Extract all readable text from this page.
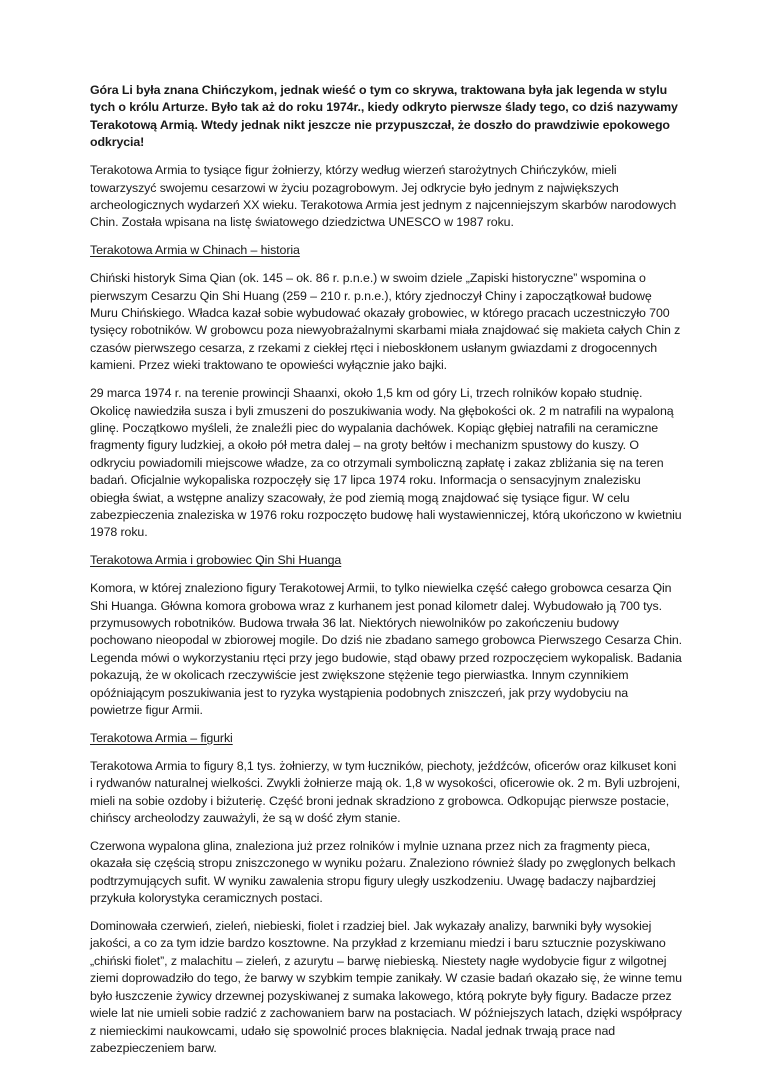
Góra Li była znana Chińczykom, jednak wieść o tym co skrywa, traktowana była jak legenda w stylu tych o królu Arturze. Było tak aż do roku 1974r., kiedy odkryto pierwsze ślady tego, co dziś nazywamy Terakotową Armią. Wtedy jednak nikt jeszcze nie przypuszczał, że doszło do prawdziwie epokowego odkrycia!

Terakotowa Armia to tysiące figur żołnierzy, którzy według wierzeń starożytnych Chińczyków, mieli towarzyszyć swojemu cesarzowi w życiu pozagrobowym. Jej odkrycie było jednym z największych archeologicznych wydarzeń XX wieku. Terakotowa Armia jest jednym z najcenniejszym skarbów narodowych Chin. Została wpisana na listę światowego dziedzictwa UNESCO w 1987 roku.

Terakotowa Armia w Chinach – historia

Chiński historyk Sima Qian (ok. 145 – ok. 86 r. p.n.e.) w swoim dziele „Zapiski historyczne” wspomina o pierwszym Cesarzu Qin Shi Huang (259 – 210 r. p.n.e.), który zjednoczył Chiny i zapoczątkował budowę Muru Chińskiego. Władca kazał sobie wybudować okazały grobowiec, w którego pracach uczestniczyło 700 tysięcy robotników. W grobowcu poza niewyobrażalnymi skarbami miała znajdować się makieta całych Chin z czasów pierwszego cesarza, z rzekami z ciekłej rtęci i nieboskłonem usłanym gwiazdami z drogocennych kamieni. Przez wieki traktowano te opowieści wyłącznie jako bajki.

29 marca 1974 r. na terenie prowincji Shaanxi, około 1,5 km od góry Li, trzech rolników kopało studnię. Okolicę nawiedziła susza i byli zmuszeni do poszukiwania wody. Na głębokości ok. 2 m natrafili na wypaloną glinę. Początkowo myśleli, że znaleźli piec do wypalania dachówek. Kopiąc głębiej natrafili na ceramiczne fragmenty figury ludzkiej, a około pół metra dalej – na groty bełtów i mechanizm spustowy do kuszy. O odkryciu powiadomili miejscowe władze, za co otrzymali symboliczną zapłatę i zakaz zbliżania się na teren badań. Oficjalnie wykopaliska rozpoczęły się 17 lipca 1974 roku. Informacja o sensacyjnym znalezisku obiegła świat, a wstępne analizy szacowały, że pod ziemią mogą znajdować się tysiące figur. W celu zabezpieczenia znaleziska w 1976 roku rozpoczęto budowę hali wystawienniczej, którą ukończono w kwietniu 1978 roku.

Terakotowa Armia i grobowiec Qin Shi Huanga

Komora, w której znaleziono figury Terakotowej Armii, to tylko niewielka część całego grobowca cesarza Qin Shi Huanga. Główna komora grobowa wraz z kurhanem jest ponad kilometr dalej. Wybudowało ją 700 tys. przymusowych robotników. Budowa trwała 36 lat. Niektórych niewolników po zakończeniu budowy pochowano nieopodal w zbiorowej mogile. Do dziś nie zbadano samego grobowca Pierwszego Cesarza Chin. Legenda mówi o wykorzystaniu rtęci przy jego budowie, stąd obawy przed rozpoczęciem wykopalisk. Badania pokazują, że w okolicach rzeczywiście jest zwiększone stężenie tego pierwiastka. Innym czynnikiem opóźniającym poszukiwania jest to ryzyka wystąpienia podobnych zniszczeń, jak przy wydobyciu na powietrze figur Armii.

Terakotowa Armia – figurki

Terakotowa Armia to figury 8,1 tys. żołnierzy, w tym łuczników, piechoty, jeźdźców, oficerów oraz kilkuset koni i rydwanów naturalnej wielkości. Zwykli żołnierze mają ok. 1,8 w wysokości, oficerowie ok. 2 m. Byli uzbrojeni, mieli na sobie ozdoby i biżuterię. Część broni jednak skradziono z grobowca. Odkopując pierwsze postacie, chińscy archeolodzy zauważyli, że są w dość złym stanie.

Czerwona wypalona glina, znaleziona już przez rolników i mylnie uznana przez nich za fragmenty pieca, okazała się częścią stropu zniszczonego w wyniku pożaru. Znaleziono również ślady po zwęglonych belkach podtrzymujących sufit. W wyniku zawalenia stropu figury uległy uszkodzeniu. Uwagę badaczy najbardziej przykuła kolorystyka ceramicznych postaci.

Dominowała czerwień, zieleń, niebieski, fiolet i rzadziej biel. Jak wykazały analizy, barwniki były wysokiej jakości, a co za tym idzie bardzo kosztowne. Na przykład z krzemianu miedzi i baru sztucznie pozyskiwano „chiński fiolet”, z malachitu – zieleń, z azurytu – barwę niebieską. Niestety nagłe wydobycie figur z wilgotnej ziemi doprowadziło do tego, że barwy w szybkim tempie zanikały. W czasie badań okazało się, że winne temu było łuszczenie żywicy drzewnej pozyskiwanej z sumaka lakowego, którą pokryte były figury. Badacze przez wiele lat nie umieli sobie radzić z zachowaniem barw na postaciach. W późniejszych latach, dzięki współpracy z niemieckimi naukowcami, udało się spowolnić proces blaknięcia. Nadal jednak trwają prace nad zabezpieczeniem barw.
